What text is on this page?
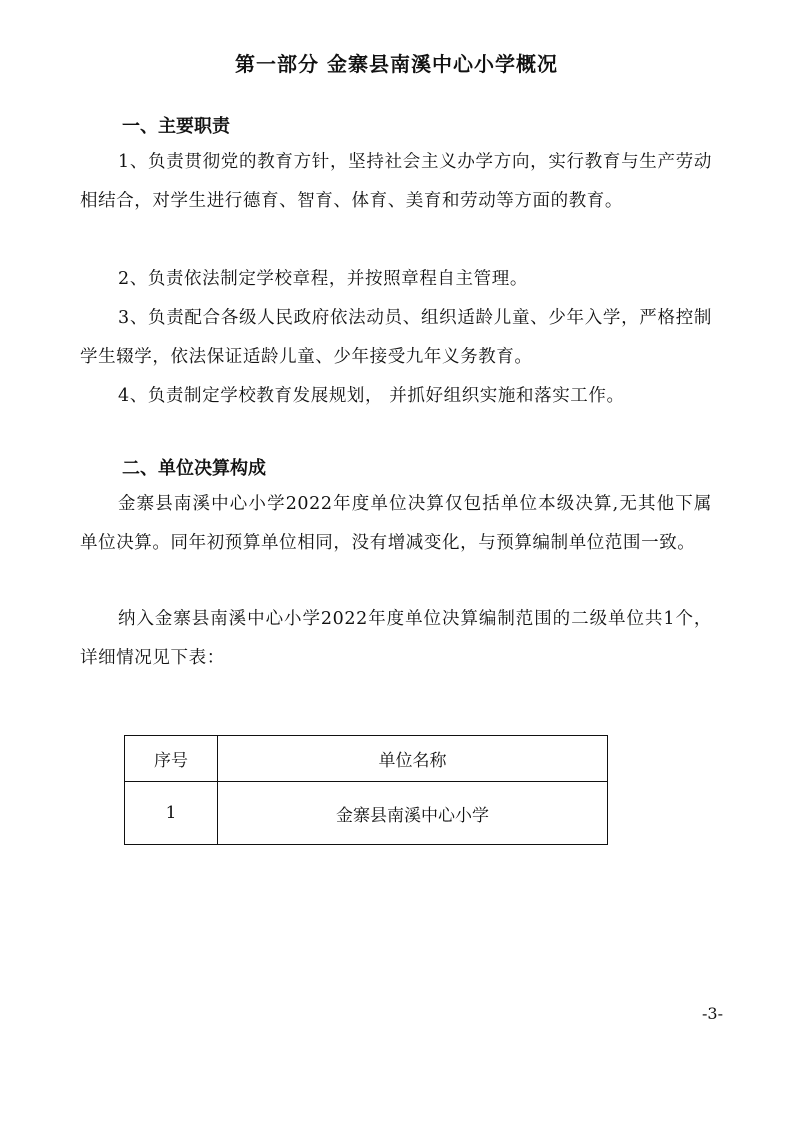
第一部分 金寨县南溪中心小学概况
一、主要职责

1、负责贯彻党的教育方针，坚持社会主义办学方向，实行教育与生产劳动相结合，对学生进行德育、智育、体育、美育和劳动等方面的教育。

2、负责依法制定学校章程，并按照章程自主管理。

3、负责配合各级人民政府依法动员、组织适龄儿童、少年入学，严格控制学生辍学，依法保证适龄儿童、少年接受九年义务教育。

4、负责制定学校教育发展规划， 并抓好组织实施和落实工作。

二、单位决算构成

金寨县南溪中心小学2022年度单位决算仅包括单位本级决算,无其他下属单位决算。同年初预算单位相同，没有增减变化，与预算编制单位范围一致。

纳入金寨县南溪中心小学2022年度单位决算编制范围的二级单位共1个，详细情况见下表：

序号	单位名称
1	金寨县南溪中心小学

-3-
